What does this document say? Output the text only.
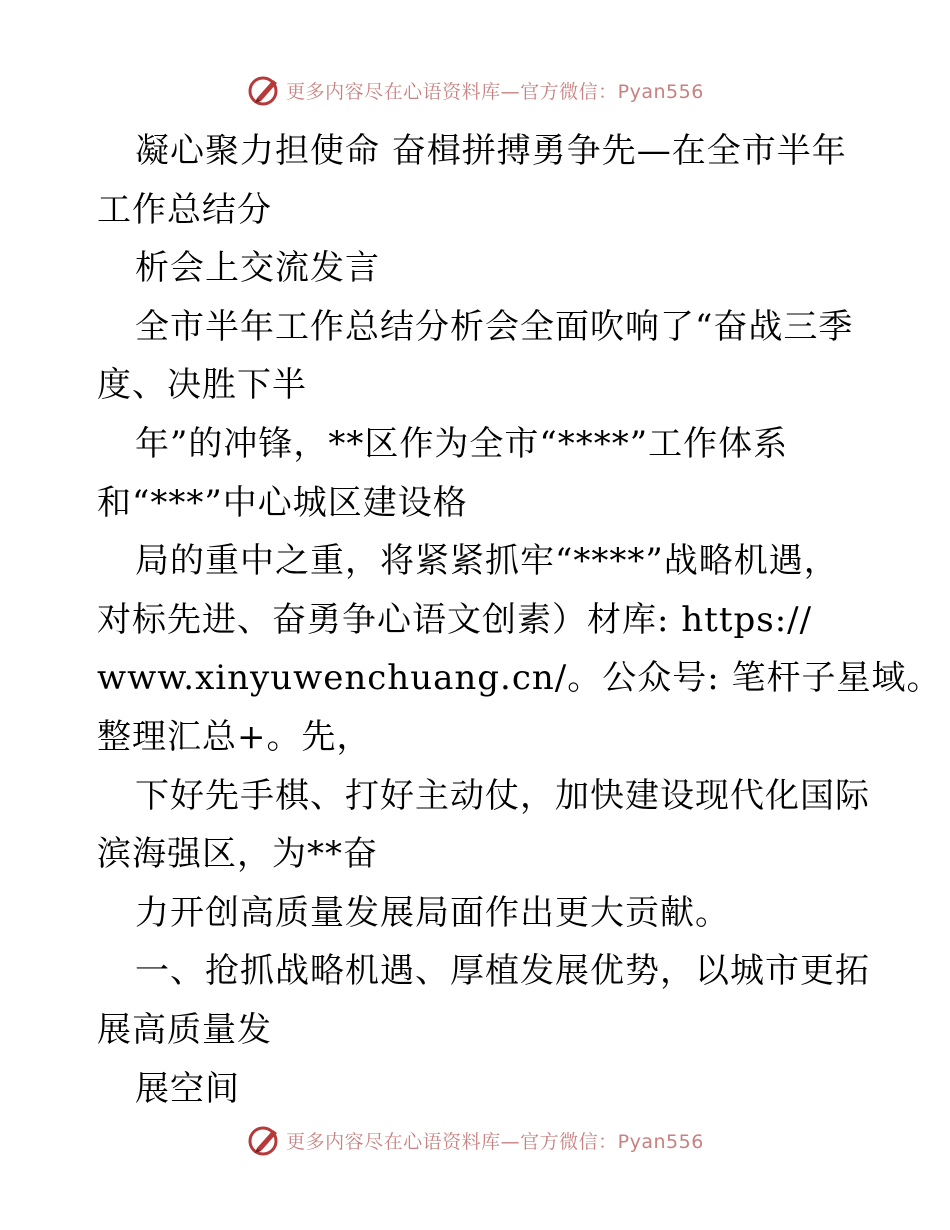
更多内容尽在心语资料库—官方微信：Pyan556
凝心聚力担使命 奋楫拼搏勇争先—在全市半年
工作总结分
析会上交流发言
全市半年工作总结分析会全面吹响了“奋战三季
度、决胜下半
年”的冲锋，**区作为全市“****”工作体系
和“***”中心城区建设格
局的重中之重，将紧紧抓牢“****”战略机遇，
对标先进、奋勇争心语文创素）材库: https://
www.xinyuwenchuang.cn/。公众号: 笔杆子星域。
整理汇总+。先，
下好先手棋、打好主动仗，加快建设现代化国际
滨海强区，为**奋
力开创高质量发展局面作出更大贡献。
一、抢抓战略机遇、厚植发展优势，以城市更拓
展高质量发
展空间
更多内容尽在心语资料库—官方微信：Pyan556
